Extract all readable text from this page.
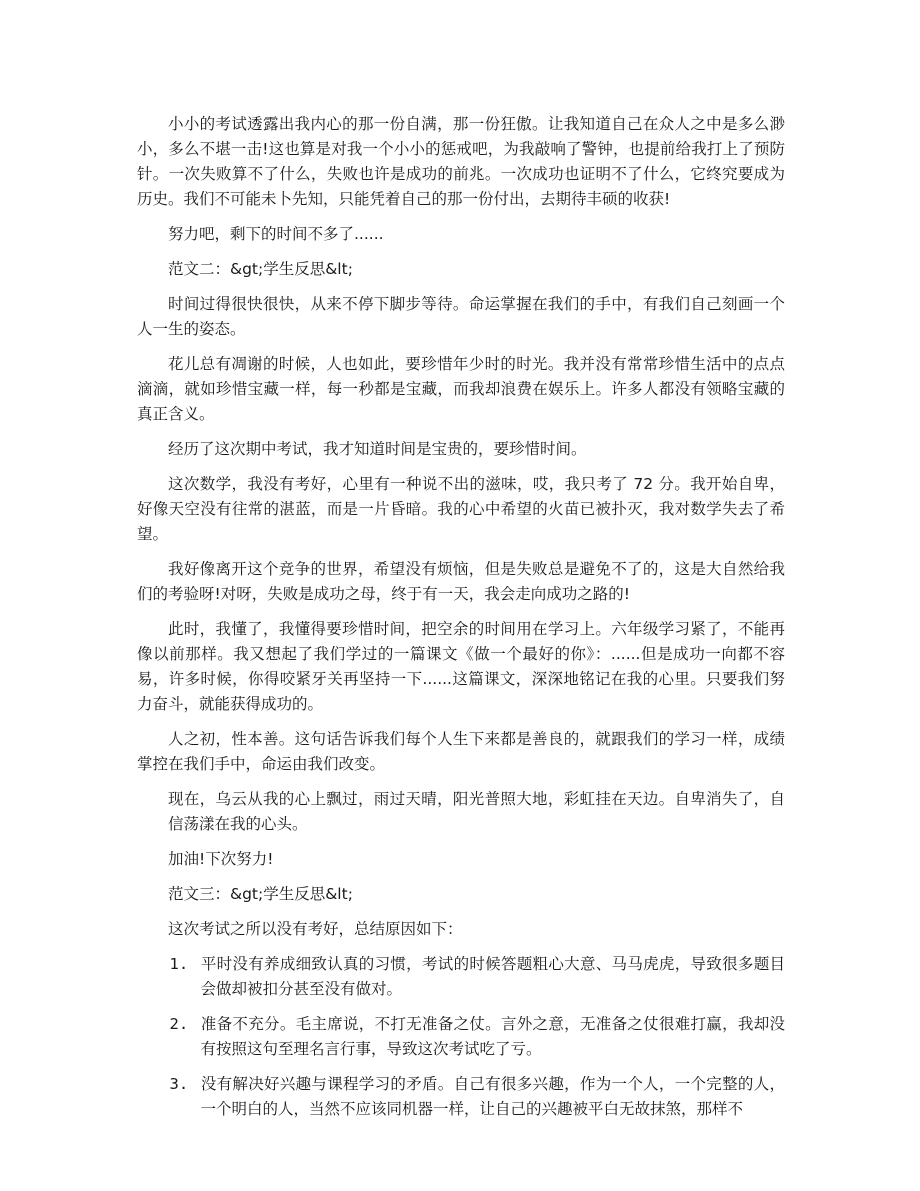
小小的考试透露出我内心的那一份自满，那一份狂傲。让我知道自己在众人之中是多么渺小，多么不堪一击!这也算是对我一个小小的惩戒吧，为我敲响了警钟，也提前给我打上了预防针。一次失败算不了什么，失败也许是成功的前兆。一次成功也证明不了什么，它终究要成为历史。我们不可能未卜先知，只能凭着自己的那一份付出，去期待丰硕的收获!

努力吧，剩下的时间不多了......

范文二：&gt;学生反思&lt;

时间过得很快很快，从来不停下脚步等待。命运掌握在我们的手中，有我们自己刻画一个人一生的姿态。

花儿总有凋谢的时候，人也如此，要珍惜年少时的时光。我并没有常常珍惜生活中的点点滴滴，就如珍惜宝藏一样，每一秒都是宝藏，而我却浪费在娱乐上。许多人都没有领略宝藏的真正含义。

经历了这次期中考试，我才知道时间是宝贵的，要珍惜时间。

这次数学，我没有考好，心里有一种说不出的滋味，哎，我只考了 72 分。我开始自卑，好像天空没有往常的湛蓝，而是一片昏暗。我的心中希望的火苗已被扑灭，我对数学失去了希望。

我好像离开这个竞争的世界，希望没有烦恼，但是失败总是避免不了的，这是大自然给我们的考验呀!对呀，失败是成功之母，终于有一天，我会走向成功之路的!

此时，我懂了，我懂得要珍惜时间，把空余的时间用在学习上。六年级学习紧了，不能再像以前那样。我又想起了我们学过的一篇课文《做一个最好的你》：......但是成功一向都不容易，许多时候，你得咬紧牙关再坚持一下......这篇课文，深深地铭记在我的心里。只要我们努力奋斗，就能获得成功的。

人之初，性本善。这句话告诉我们每个人生下来都是善良的，就跟我们的学习一样，成绩掌控在我们手中，命运由我们改变。

现在，乌云从我的心上飘过，雨过天晴，阳光普照大地，彩虹挂在天边。自卑消失了，自信荡漾在我的心头。

加油!下次努力!

范文三：&gt;学生反思&lt;

这次考试之所以没有考好，总结原因如下：

1. 平时没有养成细致认真的习惯，考试的时候答题粗心大意、马马虎虎，导致很多题目会做却被扣分甚至没有做对。
2. 准备不充分。毛主席说，不打无准备之仗。言外之意，无准备之仗很难打赢，我却没有按照这句至理名言行事，导致这次考试吃了亏。
3. 没有解决好兴趣与课程学习的矛盾。自己有很多兴趣，作为一个人，一个完整的人，一个明白的人，当然不应该同机器一样，让自己的兴趣被平白无故抹煞，那样不
